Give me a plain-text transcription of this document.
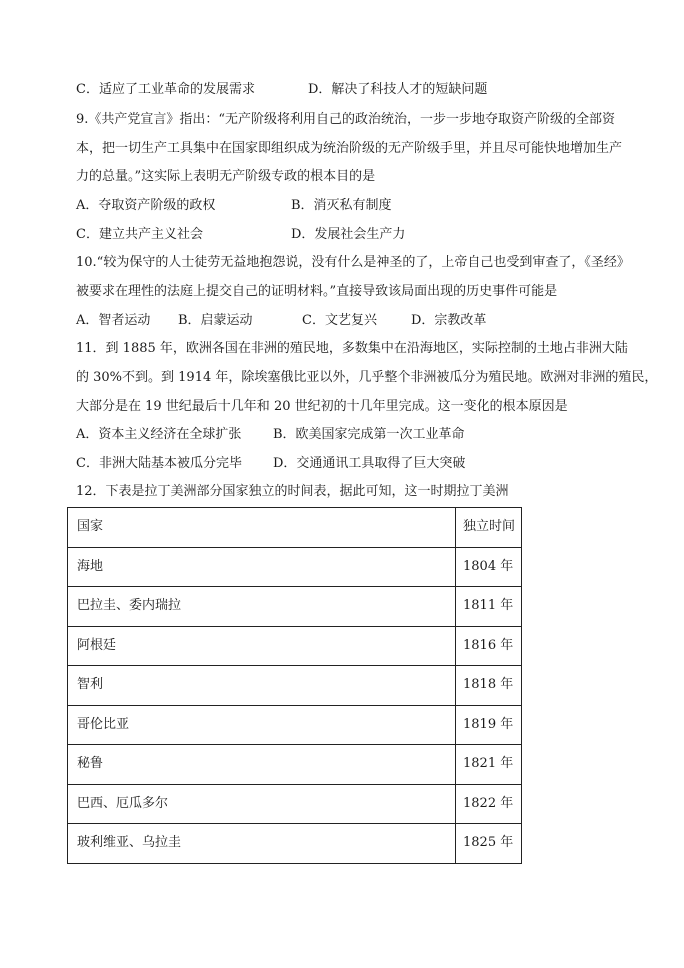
C．适应了工业革命的发展需求	D．解决了科技人才的短缺问题
9.《共产党宣言》指出：“无产阶级将利用自己的政治统治，一步一步地夺取资产阶级的全部资
本，把一切生产工具集中在国家即组织成为统治阶级的无产阶级手里，并且尽可能快地增加生产
力的总量。”这实际上表明无产阶级专政的根本目的是
A．夺取资产阶级的政权	B．消灭私有制度
C．建立共产主义社会	D．发展社会生产力
10.“较为保守的人士徒劳无益地抱怨说，没有什么是神圣的了，上帝自己也受到审查了，《圣经》
被要求在理性的法庭上提交自己的证明材料。”直接导致该局面出现的历史事件可能是
A．智者运动 B．启蒙运动	C．文艺复兴	D．宗教改革
11．到 1885 年，欧洲各国在非洲的殖民地，多数集中在沿海地区，实际控制的土地占非洲大陆
的 30%不到。到 1914 年，除埃塞俄比亚以外，几乎整个非洲被瓜分为殖民地。欧洲对非洲的殖民，
大部分是在 19 世纪最后十几年和 20 世纪初的十几年里完成。这一变化的根本原因是
A．资本主义经济在全球扩张 B．欧美国家完成第一次工业革命
C．非洲大陆基本被瓜分完毕 D．交通通讯工具取得了巨大突破
12．下表是拉丁美洲部分国家独立的时间表，据此可知，这一时期拉丁美洲
国家	独立时间
海地	1804 年
巴拉圭、委内瑞拉	1811 年
阿根廷	1816 年
智利	1818 年
哥伦比亚	1819 年
秘鲁	1821 年
巴西、厄瓜多尔	1822 年
玻利维亚、乌拉圭	1825 年
